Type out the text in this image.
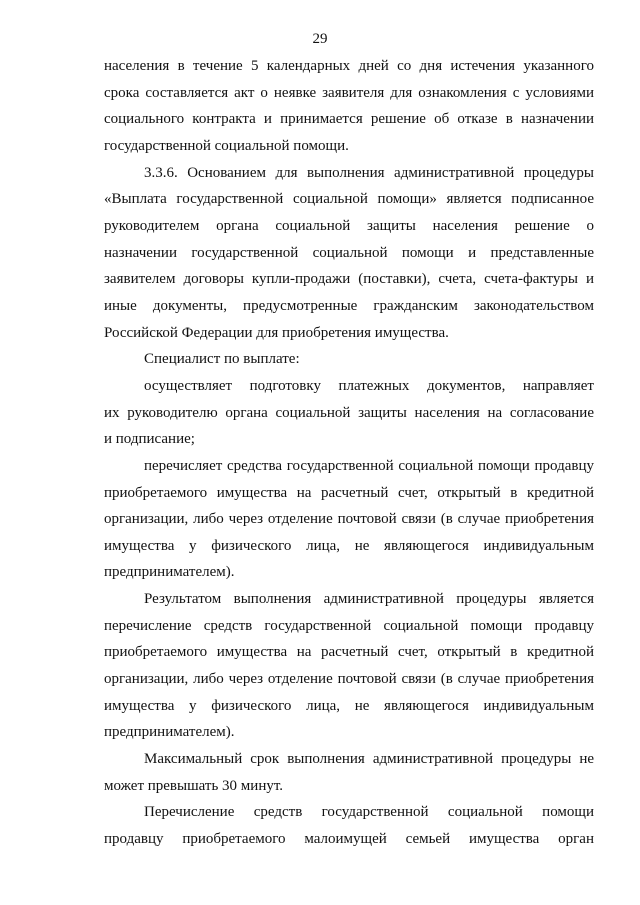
29
населения в течение 5 календарных дней со дня истечения указанного
срока составляется акт о неявке заявителя для ознакомления с условиями
социального контракта и принимается решение об отказе в назначении
государственной социальной помощи.
3.3.6. Основанием для выполнения административной процедуры
«Выплата государственной социальной помощи» является подписанное
руководителем органа социальной защиты населения решение о
назначении государственной социальной помощи и представленные
заявителем договоры купли-продажи (поставки), счета, счета-фактуры и
иные документы, предусмотренные гражданским законодательством
Российской Федерации для приобретения имущества.
Специалист по выплате:
осуществляет подготовку платежных документов, направляет
их руководителю органа социальной защиты населения на согласование
и подписание;
перечисляет средства государственной социальной помощи продавцу
приобретаемого имущества на расчетный счет, открытый в кредитной
организации, либо через отделение почтовой связи (в случае приобретения
имущества у физического лица, не являющегося индивидуальным
предпринимателем).
Результатом выполнения административной процедуры является
перечисление средств государственной социальной помощи продавцу
приобретаемого имущества на расчетный счет, открытый в кредитной
организации, либо через отделение почтовой связи (в случае приобретения
имущества у физического лица, не являющегося индивидуальным
предпринимателем).
Максимальный срок выполнения административной процедуры не
может превышать 30 минут.
Перечисление средств государственной социальной помощи
продавцу приобретаемого малоимущей семьей имущества орган
